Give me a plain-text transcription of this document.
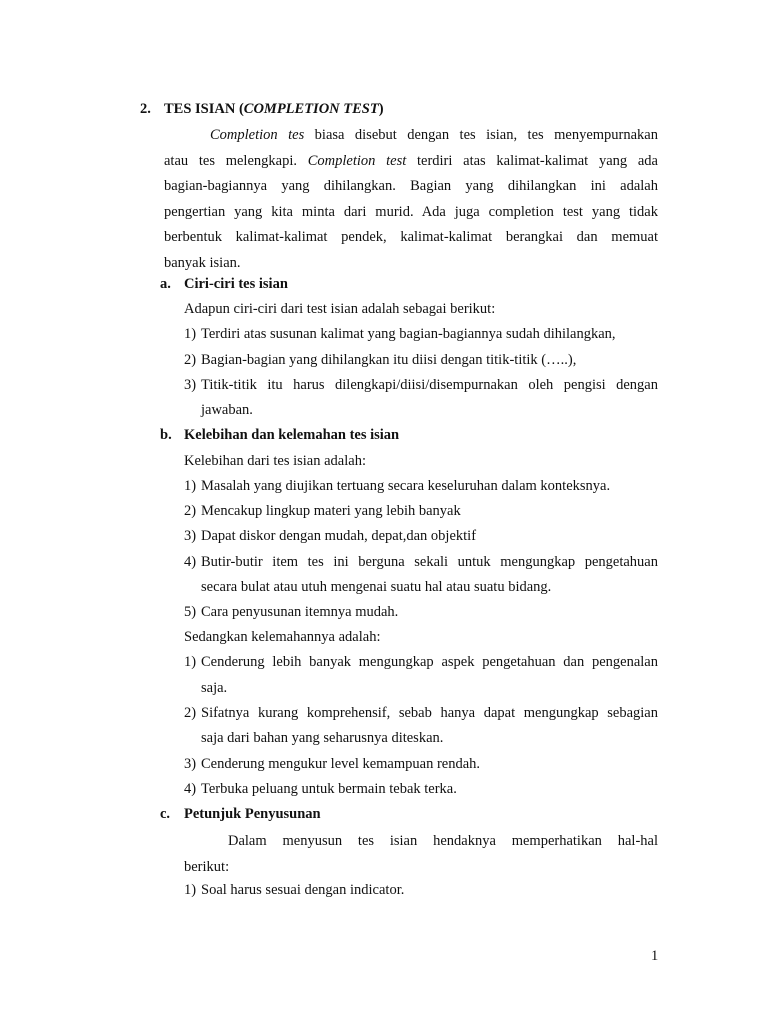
2. TES ISIAN (COMPLETION TEST)
Completion tes biasa disebut dengan tes isian, tes menyempurnakan
atau tes melengkapi. Completion test terdiri atas kalimat-kalimat yang ada
bagian-bagiannya yang dihilangkan. Bagian yang dihilangkan ini adalah
pengertian yang kita minta dari murid. Ada juga completion test yang tidak
berbentuk kalimat-kalimat pendek, kalimat-kalimat berangkai dan memuat
banyak isian.
a. Ciri-ciri tes isian
Adapun ciri-ciri dari test isian adalah sebagai berikut:
1) Terdiri atas susunan kalimat yang bagian-bagiannya sudah dihilangkan,
2) Bagian-bagian yang dihilangkan itu diisi dengan titik-titik (…..),
3) Titik-titik itu harus dilengkapi/diisi/disempurnakan oleh pengisi dengan
jawaban.
b. Kelebihan dan kelemahan tes isian
Kelebihan dari tes isian adalah:
1) Masalah yang diujikan tertuang secara keseluruhan dalam konteksnya.
2) Mencakup lingkup materi yang lebih banyak
3) Dapat diskor dengan mudah, depat,dan objektif
4) Butir-butir item tes ini berguna sekali untuk mengungkap pengetahuan
secara bulat atau utuh mengenai suatu hal atau suatu bidang.
5) Cara penyusunan itemnya mudah.
Sedangkan kelemahannya adalah:
1) Cenderung lebih banyak mengungkap aspek pengetahuan dan pengenalan
saja.
2) Sifatnya kurang komprehensif, sebab hanya dapat mengungkap sebagian
saja dari bahan yang seharusnya diteskan.
3) Cenderung mengukur level kemampuan rendah.
4) Terbuka peluang untuk bermain tebak terka.
c. Petunjuk Penyusunan
Dalam menyusun tes isian hendaknya memperhatikan hal-hal
berikut:
1) Soal harus sesuai dengan indicator.
1
